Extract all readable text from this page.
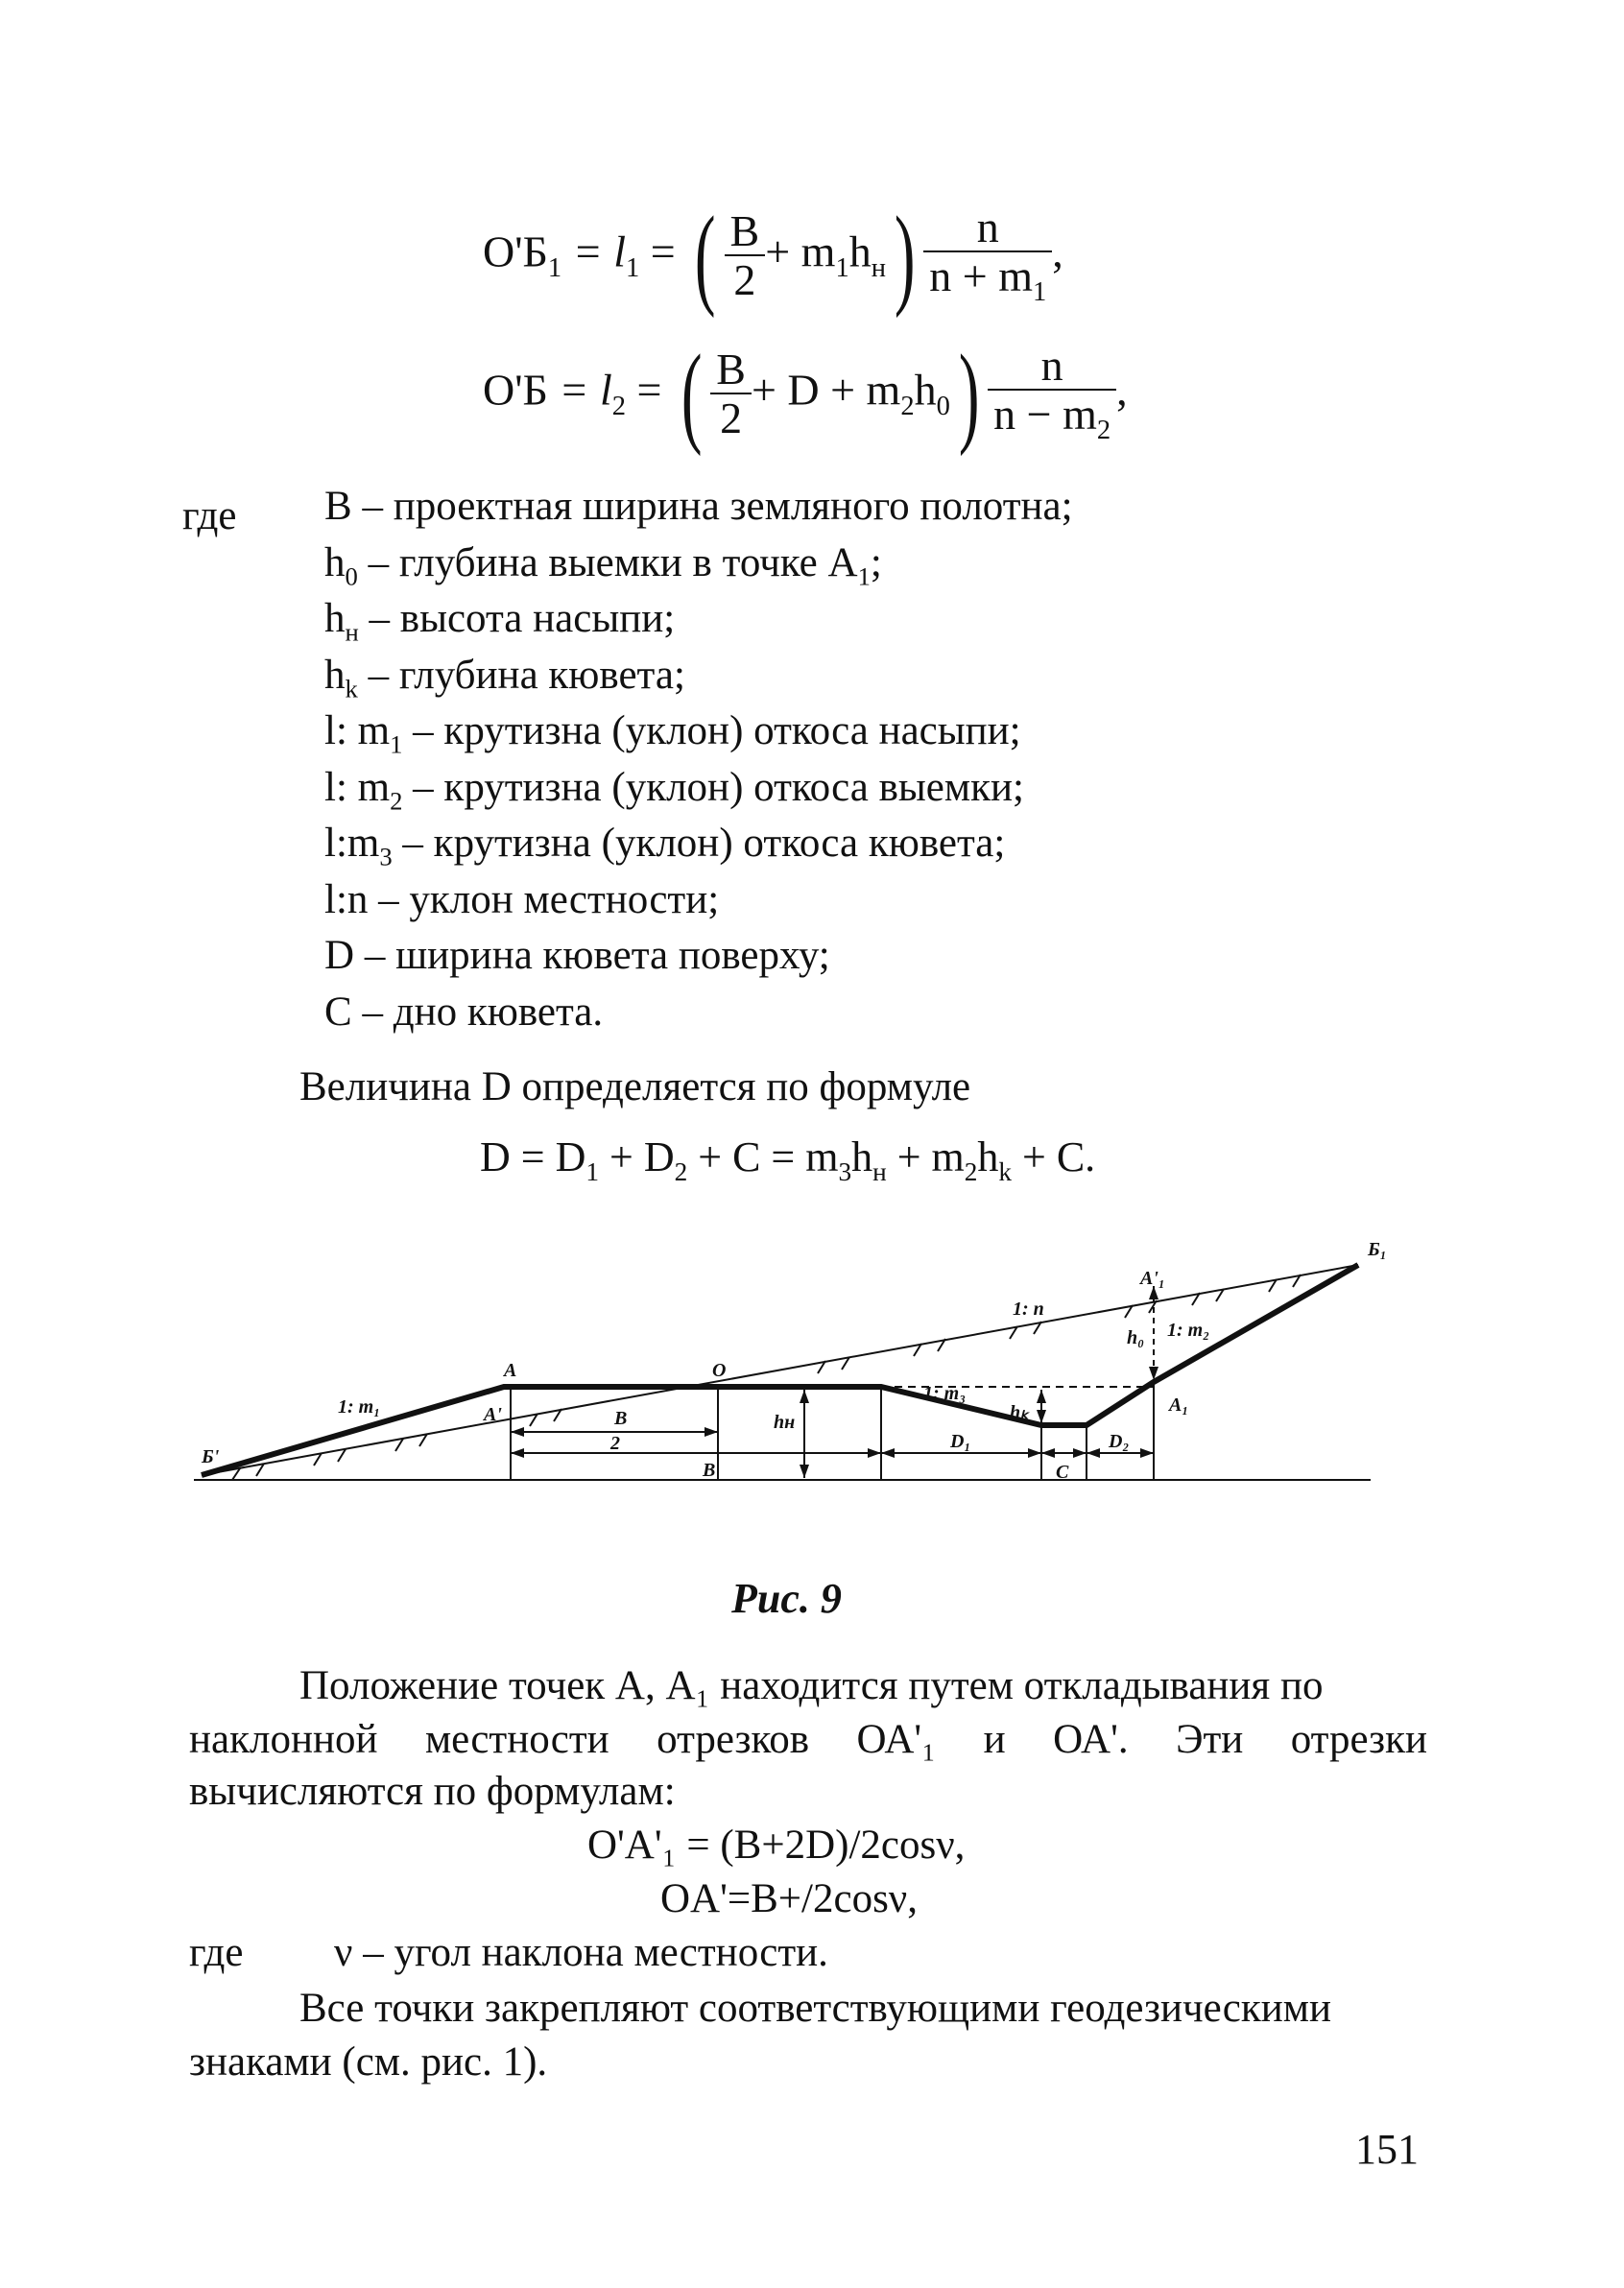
$O'Б_1 = l_1$ = ( $\frac{B}{2} + m_1h_н) \frac{n}{n + m_1}$ ,
$O'Б = l_2$ = ( $\frac{B}{2} + D + m_2h_0) \frac{n}{n - m_2}$ ,
где B – проектная ширина земляного полотна;
$h_0$ – глубина выемки в точке $А_1$;
$h_н$ – высота насыпи;
$h_k$ – глубина кювета;
l: $m_1$ – крутизна (уклон) откоса насыпи;
l: $m_2$ – крутизна (уклон) откоса выемки;
$l:m_3$ – крутизна (уклон) откоса кювета;
l:n – уклон местности;
D – ширина кювета поверху;
C – дно кювета.
Величина D определяется по формуле
$D = D_1 + D_2 + C = m_3h_н + m_2h_k + C$.
Б₁
A'₁
1: n
h₀ 1: m₂
A	O
1: m₃
hₖ	A₁
1: m₁	A'	B
2
hн
Б'
B
D₁
C
D₂
Рис. 9
Положение точек А, А₁ находится путем откладывания по
наклонной местности отрезков ОА'₁ и ОА'. Эти отрезки
вычисляются по формулам:
O'A'₁ = (B+2D)/2cosν,
OA'=B+/2cosν,
где ν – угол наклона местности.
Все точки закрепляют соответствующими геодезическими
знаками (см. рис. 1).
151
